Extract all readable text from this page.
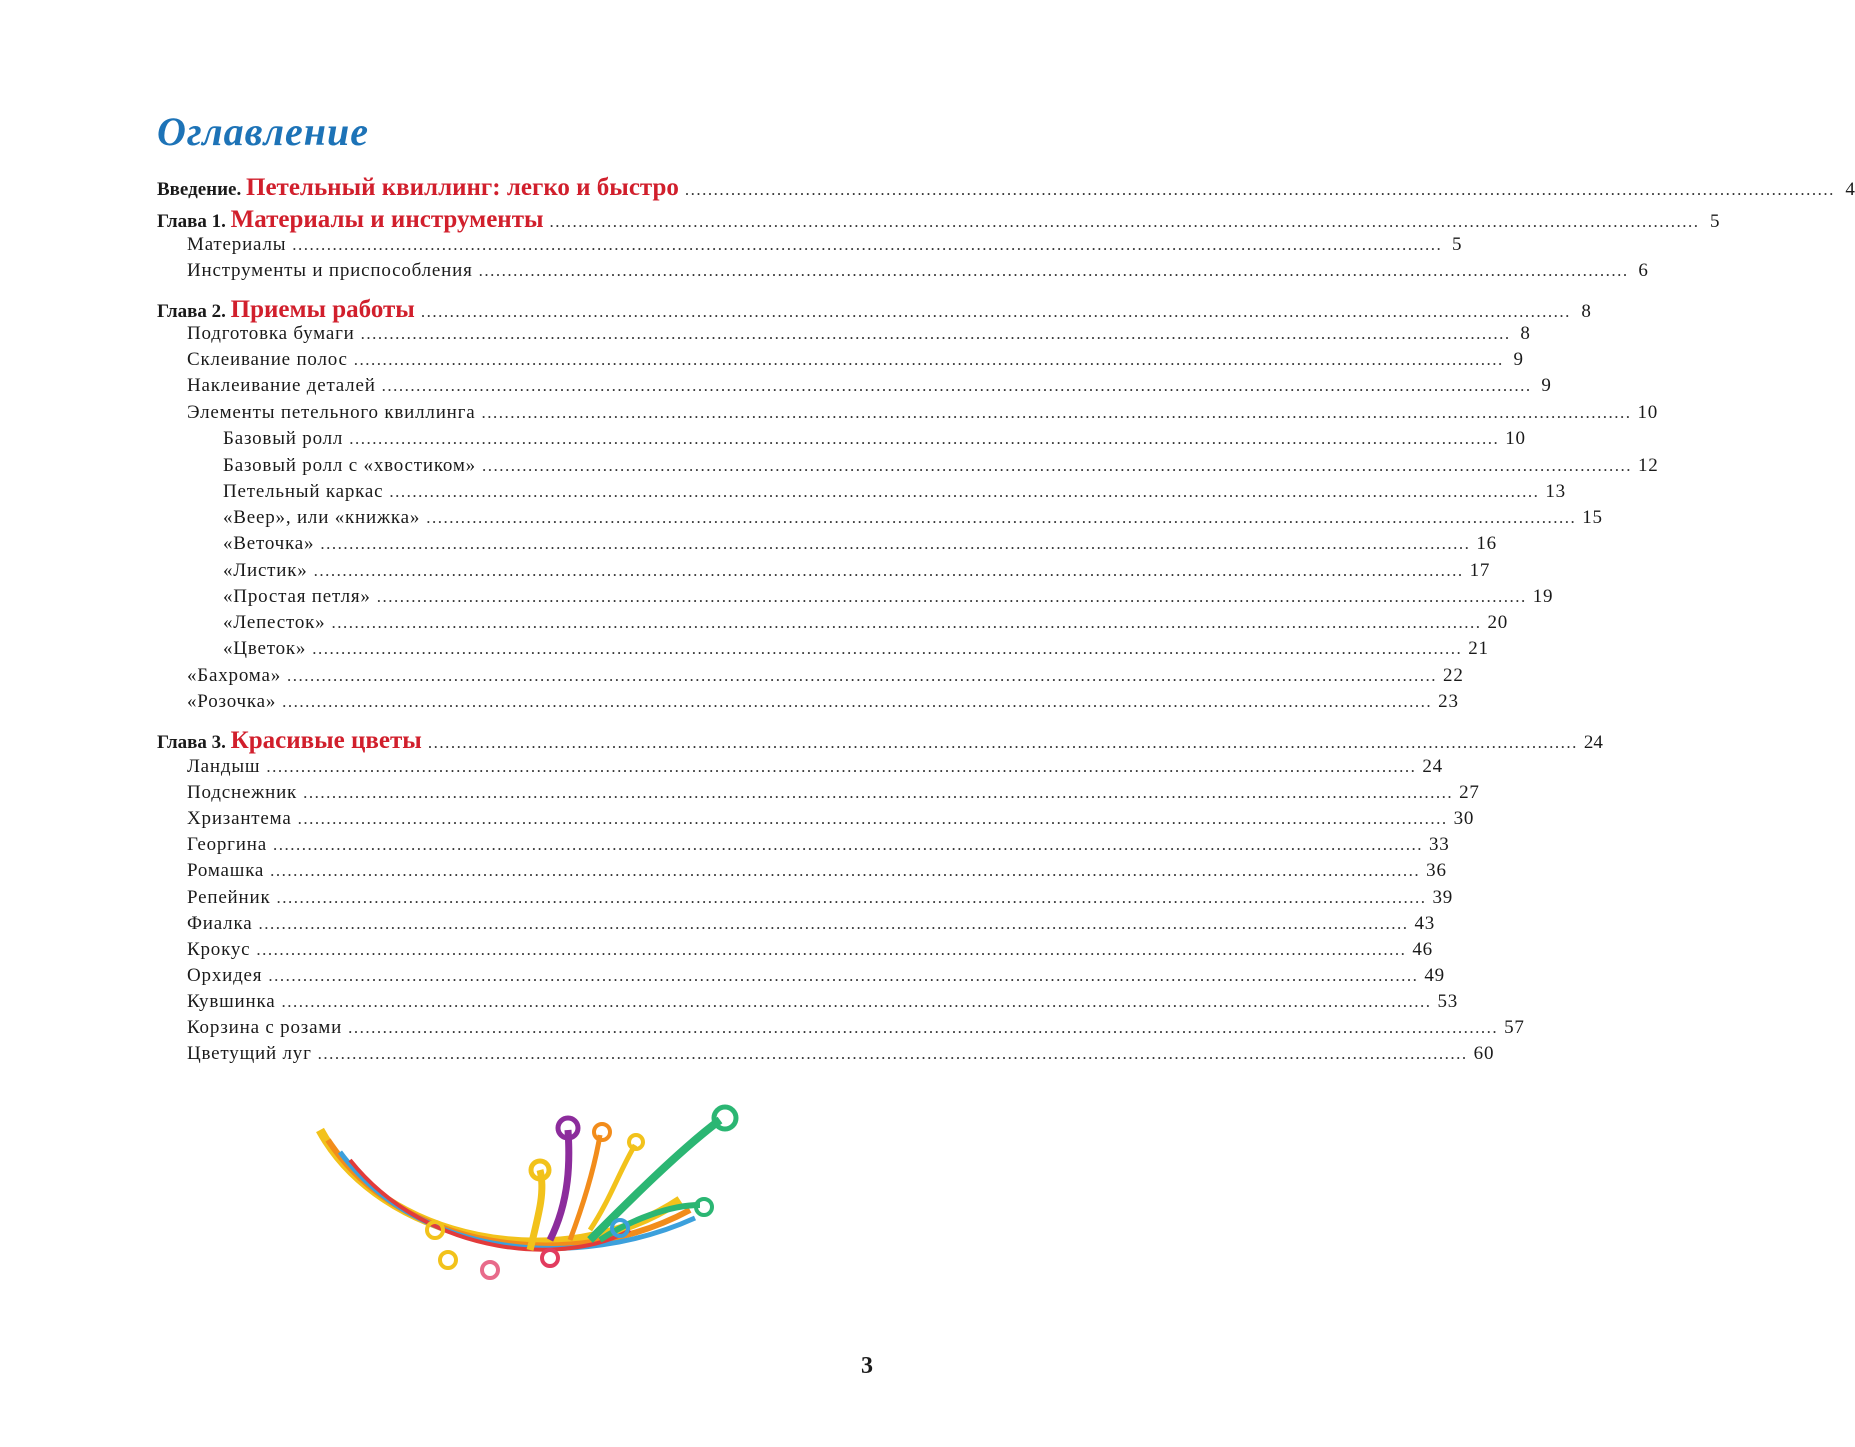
Оглавление
Введение. Петельный квиллинг: легко и быстро ........................................................................................................................................................................................................ 4
Глава 1. Материалы и инструменты ........................................................................................................................................................................................................ 5
Материалы ........................................................................................................................................................................................................ 5
Инструменты и приспособления ........................................................................................................................................................................................................ 6
Глава 2. Приемы работы ........................................................................................................................................................................................................ 8
Подготовка бумаги ........................................................................................................................................................................................................ 8
Склеивание полос ........................................................................................................................................................................................................ 9
Наклеивание деталей ........................................................................................................................................................................................................ 9
Элементы петельного квиллинга ........................................................................................................................................................................................................ 10
Базовый ролл ........................................................................................................................................................................................................ 10
Базовый ролл с «хвостиком» ........................................................................................................................................................................................................ 12
Петельный каркас ........................................................................................................................................................................................................ 13
«Веер», или «книжка» ........................................................................................................................................................................................................ 15
«Веточка» ........................................................................................................................................................................................................ 16
«Листик» ........................................................................................................................................................................................................ 17
«Простая петля» ........................................................................................................................................................................................................ 19
«Лепесток» ........................................................................................................................................................................................................ 20
«Цветок» ........................................................................................................................................................................................................ 21
«Бахрома» ........................................................................................................................................................................................................ 22
«Розочка» ........................................................................................................................................................................................................ 23
Глава 3. Красивые цветы ........................................................................................................................................................................................................ 24
Ландыш ........................................................................................................................................................................................................ 24
Подснежник ........................................................................................................................................................................................................ 27
Хризантема ........................................................................................................................................................................................................ 30
Георгина ........................................................................................................................................................................................................ 33
Ромашка ........................................................................................................................................................................................................ 36
Репейник ........................................................................................................................................................................................................ 39
Фиалка ........................................................................................................................................................................................................ 43
Крокус ........................................................................................................................................................................................................ 46
Орхидея ........................................................................................................................................................................................................ 49
Кувшинка ........................................................................................................................................................................................................ 53
Корзина с розами ........................................................................................................................................................................................................ 57
Цветущий луг ........................................................................................................................................................................................................ 60
3
